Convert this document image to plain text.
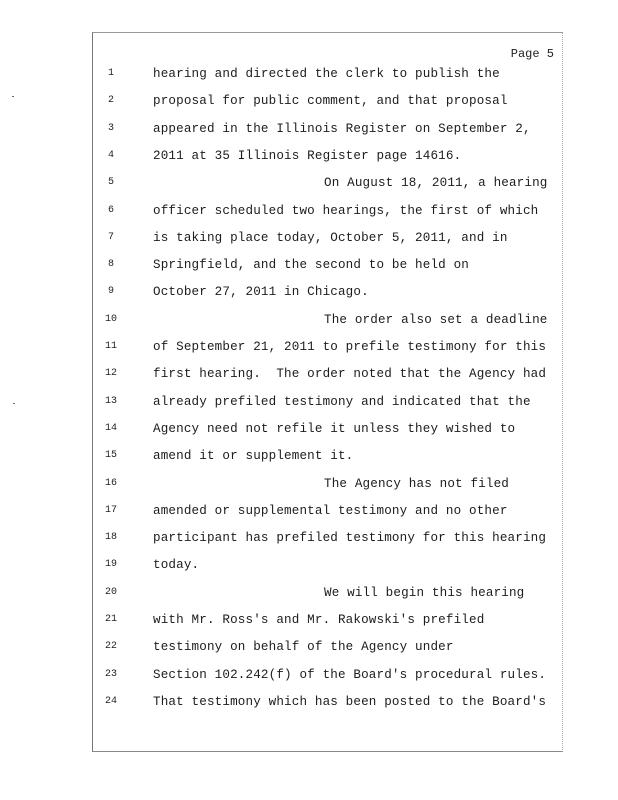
Page 5
1	hearing and directed the clerk to publish the
2	proposal for public comment, and that proposal
3	appeared in the Illinois Register on September 2,
4	2011 at 35 Illinois Register page 14616.
5	On August 18, 2011, a hearing
6	officer scheduled two hearings, the first of which
7	is taking place today, October 5, 2011, and in
8	Springfield, and the second to be held on
9	October 27, 2011 in Chicago.
10	The order also set a deadline
11	of September 21, 2011 to prefile testimony for this
12	first hearing.  The order noted that the Agency had
13	already prefiled testimony and indicated that the
14	Agency need not refile it unless they wished to
15	amend it or supplement it.
16	The Agency has not filed
17	amended or supplemental testimony and no other
18	participant has prefiled testimony for this hearing
19	today.
20	We will begin this hearing
21	with Mr. Ross's and Mr. Rakowski's prefiled
22	testimony on behalf of the Agency under
23	Section 102.242(f) of the Board's procedural rules.
24	That testimony which has been posted to the Board's
